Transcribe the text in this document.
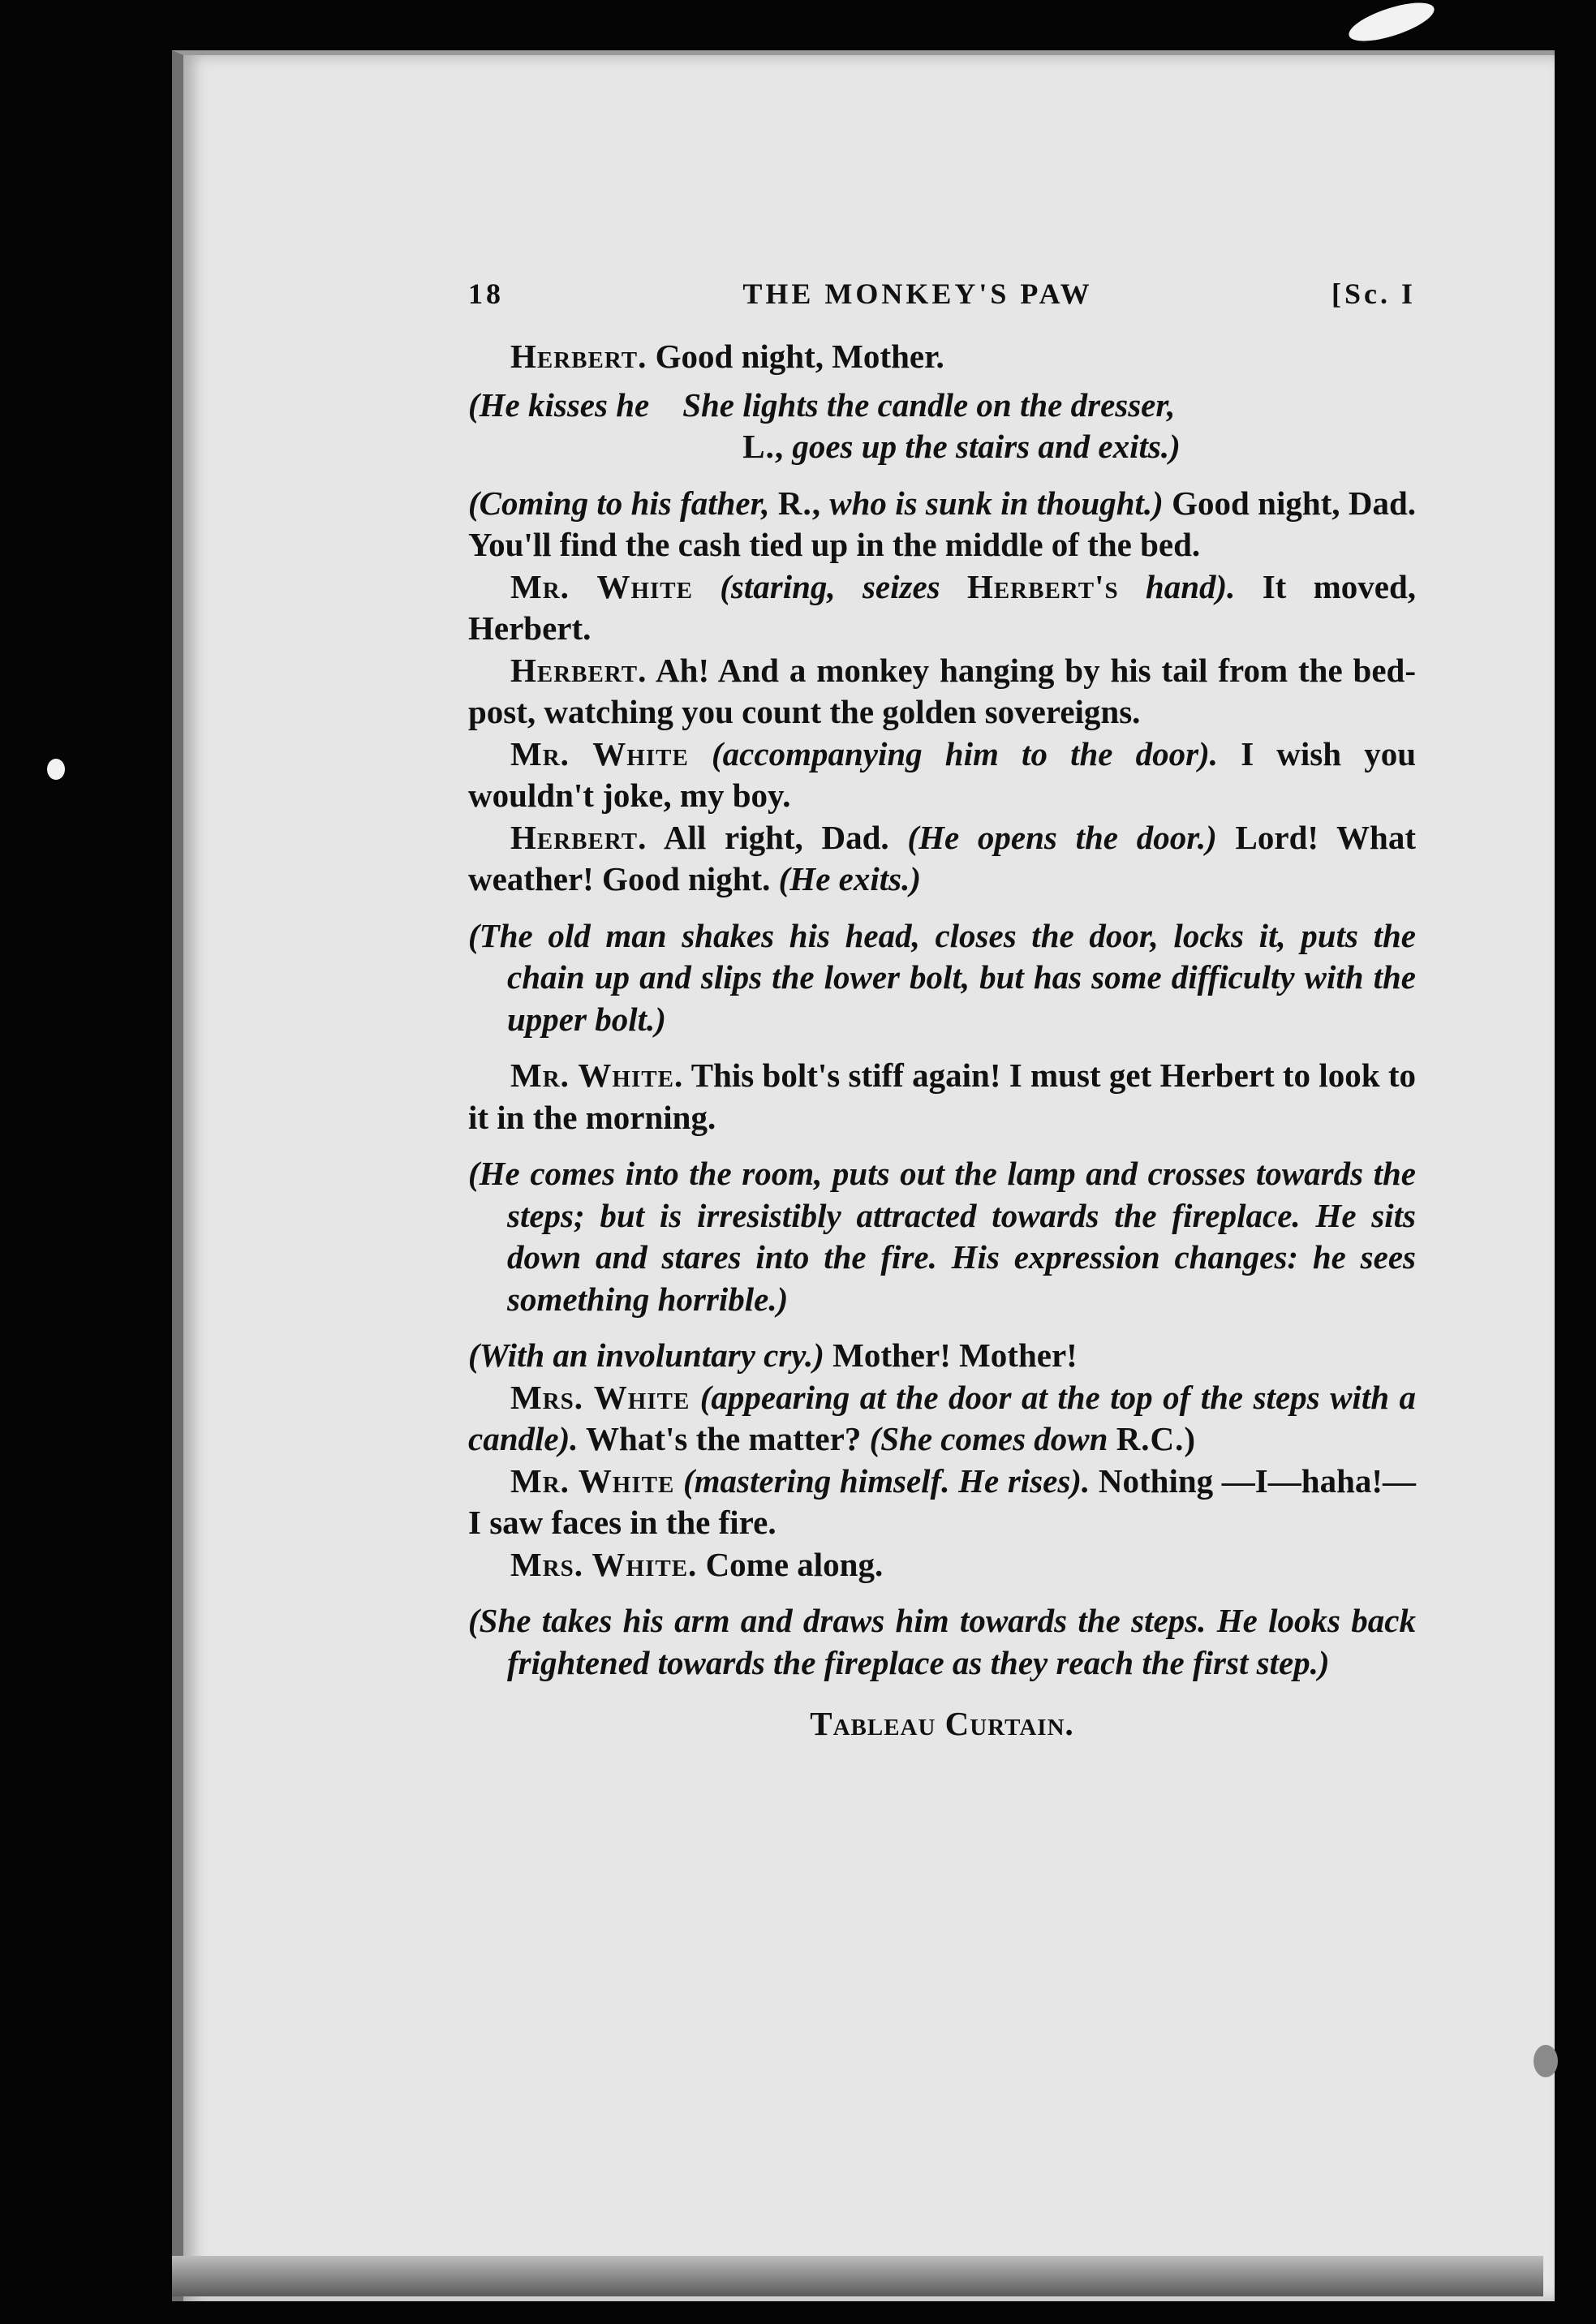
18	THE MONKEY'S PAW	[Sc. I

Herbert. Good night, Mother.

(He kisses he She lights the candle on the dresser,
L., goes up the stairs and exits.)

(Coming to his father, R., who is sunk in thought.) Good night, Dad. You'll find the cash tied up in the middle of the bed.

Mr. White (staring, seizes Herbert's hand). It moved, Herbert.

Herbert. Ah! And a monkey hanging by his tail from the bed-post, watching you count the golden sovereigns.

Mr. White (accompanying him to the door). I wish you wouldn't joke, my boy.

Herbert. All right, Dad. (He opens the door.) Lord! What weather! Good night. (He exits.)

(The old man shakes his head, closes the door, locks it, puts the chain up and slips the lower bolt, but has some difficulty with the upper bolt.)

Mr. White. This bolt's stiff again! I must get Herbert to look to it in the morning.

(He comes into the room, puts out the lamp and crosses towards the steps; but is irresistibly attracted towards the fireplace. He sits down and stares into the fire. His expression changes: he sees something horrible.)

(With an involuntary cry.) Mother! Mother!

Mrs. White (appearing at the door at the top of the steps with a candle). What's the matter? (She comes down R.C.)

Mr. White (mastering himself. He rises). Nothing —I—haha!—I saw faces in the fire.

Mrs. White. Come along.

(She takes his arm and draws him towards the steps. He looks back frightened towards the fireplace as they reach the first step.)

Tableau Curtain.
